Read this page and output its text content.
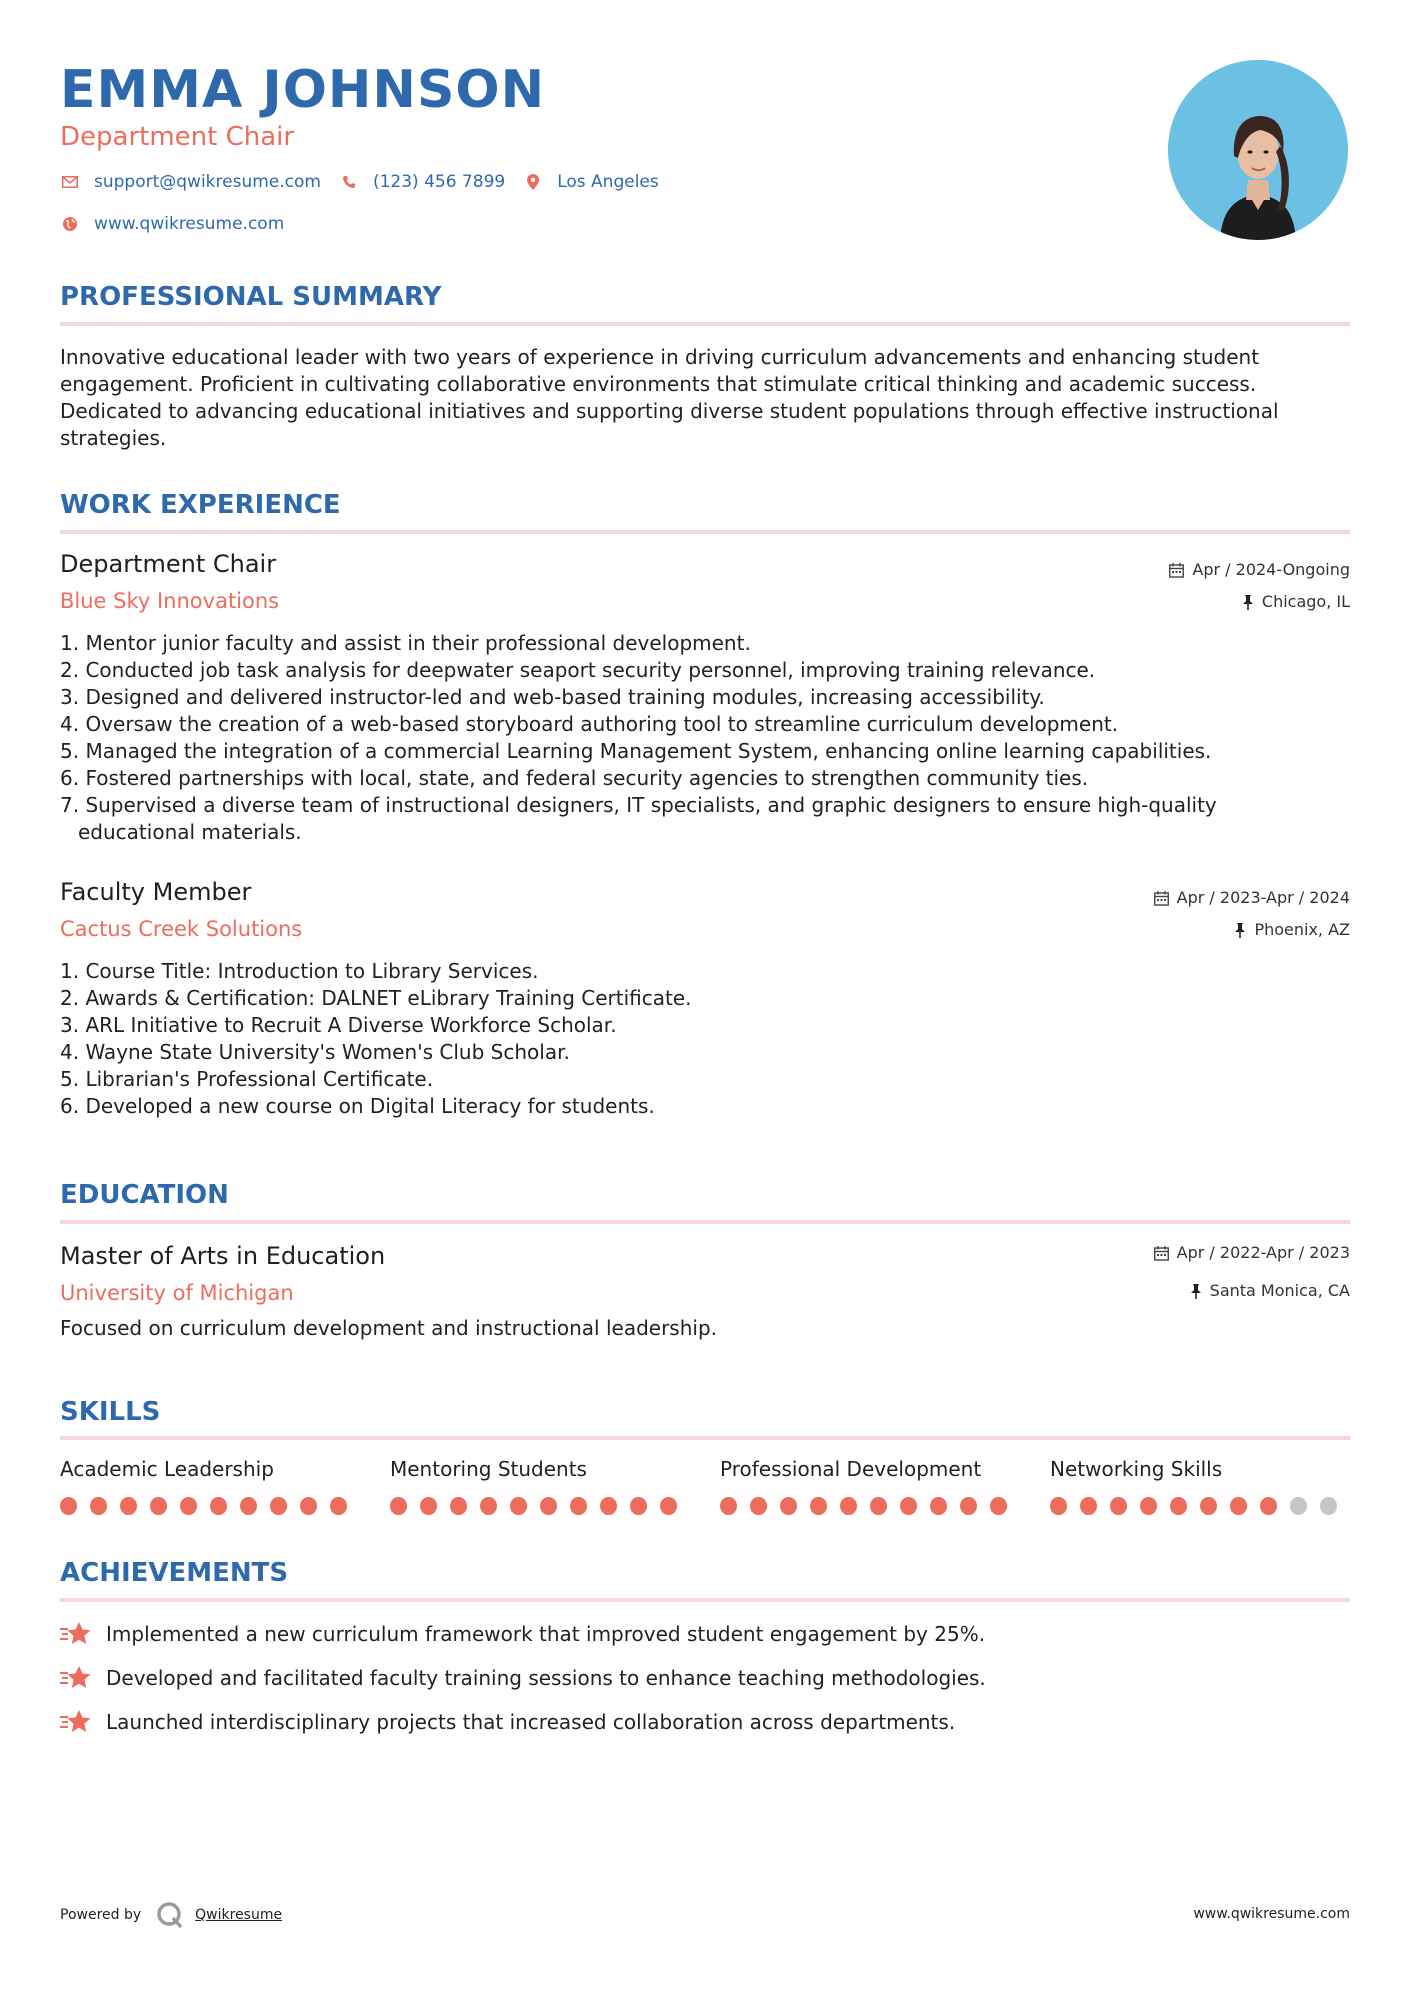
EMMA JOHNSON
Department Chair
support@qwikresume.com	(123) 456 7899	Los Angeles
www.qwikresume.com
PROFESSIONAL SUMMARY
Innovative educational leader with two years of experience in driving curriculum advancements and enhancing student engagement. Proficient in cultivating collaborative environments that stimulate critical thinking and academic success. Dedicated to advancing educational initiatives and supporting diverse student populations through effective instructional strategies.
WORK EXPERIENCE
Department Chair
Blue Sky Innovations
Apr / 2024-Ongoing
Chicago, IL
1. Mentor junior faculty and assist in their professional development.
2. Conducted job task analysis for deepwater seaport security personnel, improving training relevance.
3. Designed and delivered instructor-led and web-based training modules, increasing accessibility.
4. Oversaw the creation of a web-based storyboard authoring tool to streamline curriculum development.
5. Managed the integration of a commercial Learning Management System, enhancing online learning capabilities.
6. Fostered partnerships with local, state, and federal security agencies to strengthen community ties.
7. Supervised a diverse team of instructional designers, IT specialists, and graphic designers to ensure high-quality
educational materials.
Faculty Member
Cactus Creek Solutions
Apr / 2023-Apr / 2024
Phoenix, AZ
1. Course Title: Introduction to Library Services.
2. Awards & Certification: DALNET eLibrary Training Certificate.
3. ARL Initiative to Recruit A Diverse Workforce Scholar.
4. Wayne State University's Women's Club Scholar.
5. Librarian's Professional Certificate.
6. Developed a new course on Digital Literacy for students.
EDUCATION
Master of Arts in Education
University of Michigan
Apr / 2022-Apr / 2023
Santa Monica, CA
Focused on curriculum development and instructional leadership.
SKILLS
Academic Leadership	Mentoring Students	Professional Development	Networking Skills
ACHIEVEMENTS
Implemented a new curriculum framework that improved student engagement by 25%.
Developed and facilitated faculty training sessions to enhance teaching methodologies.
Launched interdisciplinary projects that increased collaboration across departments.
Powered by	Qwikresume	www.qwikresume.com
